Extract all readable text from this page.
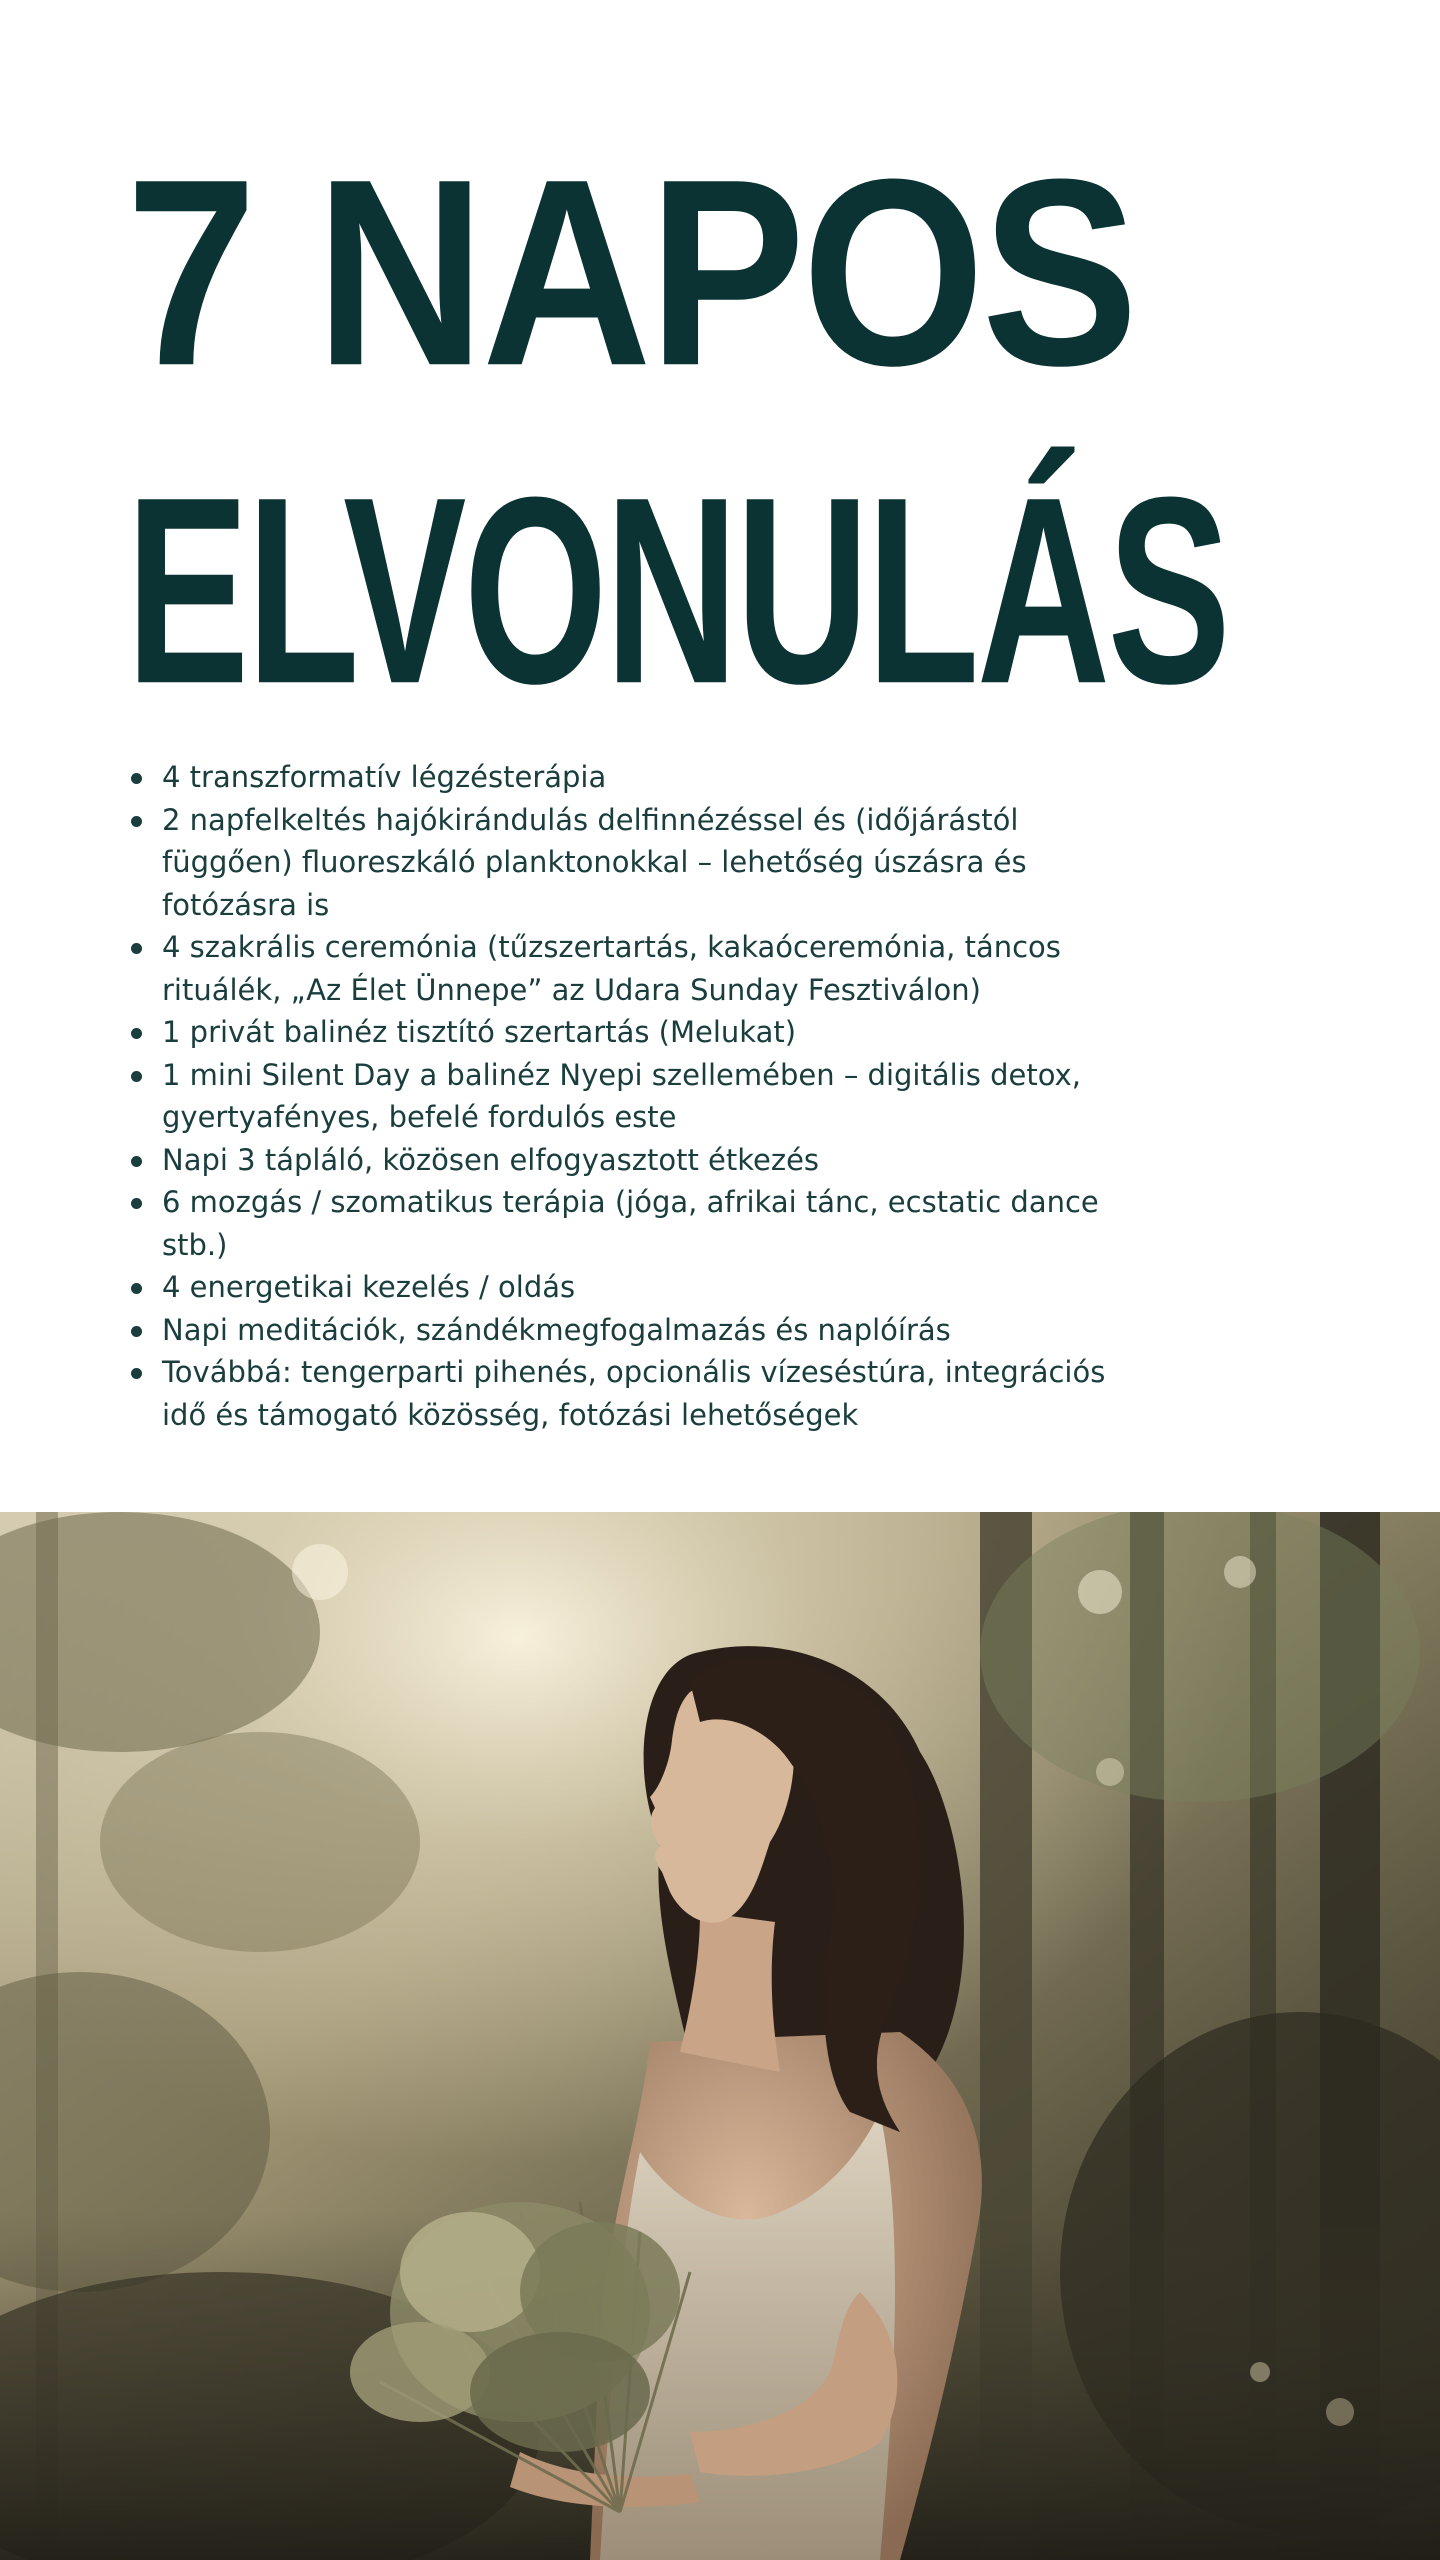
7 NAPOS
ELVONULÁS
4 transzformatív légzésterápia
2 napfelkeltés hajókirándulás delfinnézéssel és (időjárástól függően) fluoreszkáló planktonokkal – lehetőség úszásra és fotózásra is
4 szakrális ceremónia (tűzszertartás, kakaóceremónia, táncos rituálék, „Az Élet Ünnepe” az Udara Sunday Fesztiválon)
1 privát balinéz tisztító szertartás (Melukat)
1 mini Silent Day a balinéz Nyepi szellemében – digitális detox, gyertyafényes, befelé fordulós este
Napi 3 tápláló, közösen elfogyasztott étkezés
6 mozgás / szomatikus terápia (jóga, afrikai tánc, ecstatic dance stb.)
4 energetikai kezelés / oldás
Napi meditációk, szándékmegfogalmazás és naplóírás
Továbbá: tengerparti pihenés, opcionális vízeséstúra, integrációs idő és támogató közösség, fotózási lehetőségek
